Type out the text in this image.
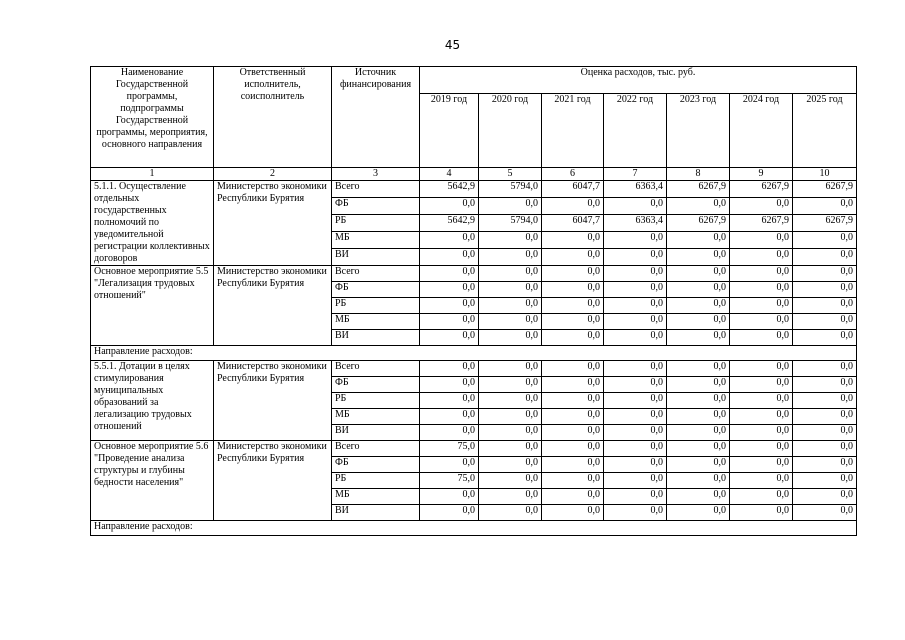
45
Наименование Государственной программы, подпрограммы Государственной программы, мероприятия, основного направления	Ответственный исполнитель, соисполнитель	Источник финансирования	Оценка расходов, тыс. руб.						
			2019 год	2020 год	2021 год	2022 год	2023 год	2024 год	2025 год
1	2	3	4	5	6	7	8	9	10
5.1.1. Осуществление отдельных государственных полномочий по уведомительной регистрации коллективных договоров	Министерство экономики Республики Бурятия	Всего	5642,9	5794,0	6047,7	6363,4	6267,9	6267,9	6267,9
		ФБ	0,0	0,0	0,0	0,0	0,0	0,0	0,0
		РБ	5642,9	5794,0	6047,7	6363,4	6267,9	6267,9	6267,9
		МБ	0,0	0,0	0,0	0,0	0,0	0,0	0,0
		ВИ	0,0	0,0	0,0	0,0	0,0	0,0	0,0
Основное мероприятие 5.5 "Легализация трудовых отношений"	Министерство экономики Республики Бурятия	Всего	0,0	0,0	0,0	0,0	0,0	0,0	0,0
		ФБ	0,0	0,0	0,0	0,0	0,0	0,0	0,0
		РБ	0,0	0,0	0,0	0,0	0,0	0,0	0,0
		МБ	0,0	0,0	0,0	0,0	0,0	0,0	0,0
		ВИ	0,0	0,0	0,0	0,0	0,0	0,0	0,0
Направление расходов:									
5.5.1. Дотации в целях стимулирования муниципальных образований за легализацию трудовых отношений	Министерство экономики Республики Бурятия	Всего	0,0	0,0	0,0	0,0	0,0	0,0	0,0
		ФБ	0,0	0,0	0,0	0,0	0,0	0,0	0,0
		РБ	0,0	0,0	0,0	0,0	0,0	0,0	0,0
		МБ	0,0	0,0	0,0	0,0	0,0	0,0	0,0
		ВИ	0,0	0,0	0,0	0,0	0,0	0,0	0,0
Основное мероприятие 5.6 "Проведение анализа структуры и глубины бедности населения"	Министерство экономики Республики Бурятия	Всего	75,0	0,0	0,0	0,0	0,0	0,0	0,0
		ФБ	0,0	0,0	0,0	0,0	0,0	0,0	0,0
		РБ	75,0	0,0	0,0	0,0	0,0	0,0	0,0
		МБ	0,0	0,0	0,0	0,0	0,0	0,0	0,0
		ВИ	0,0	0,0	0,0	0,0	0,0	0,0	0,0
Направление расходов:									
